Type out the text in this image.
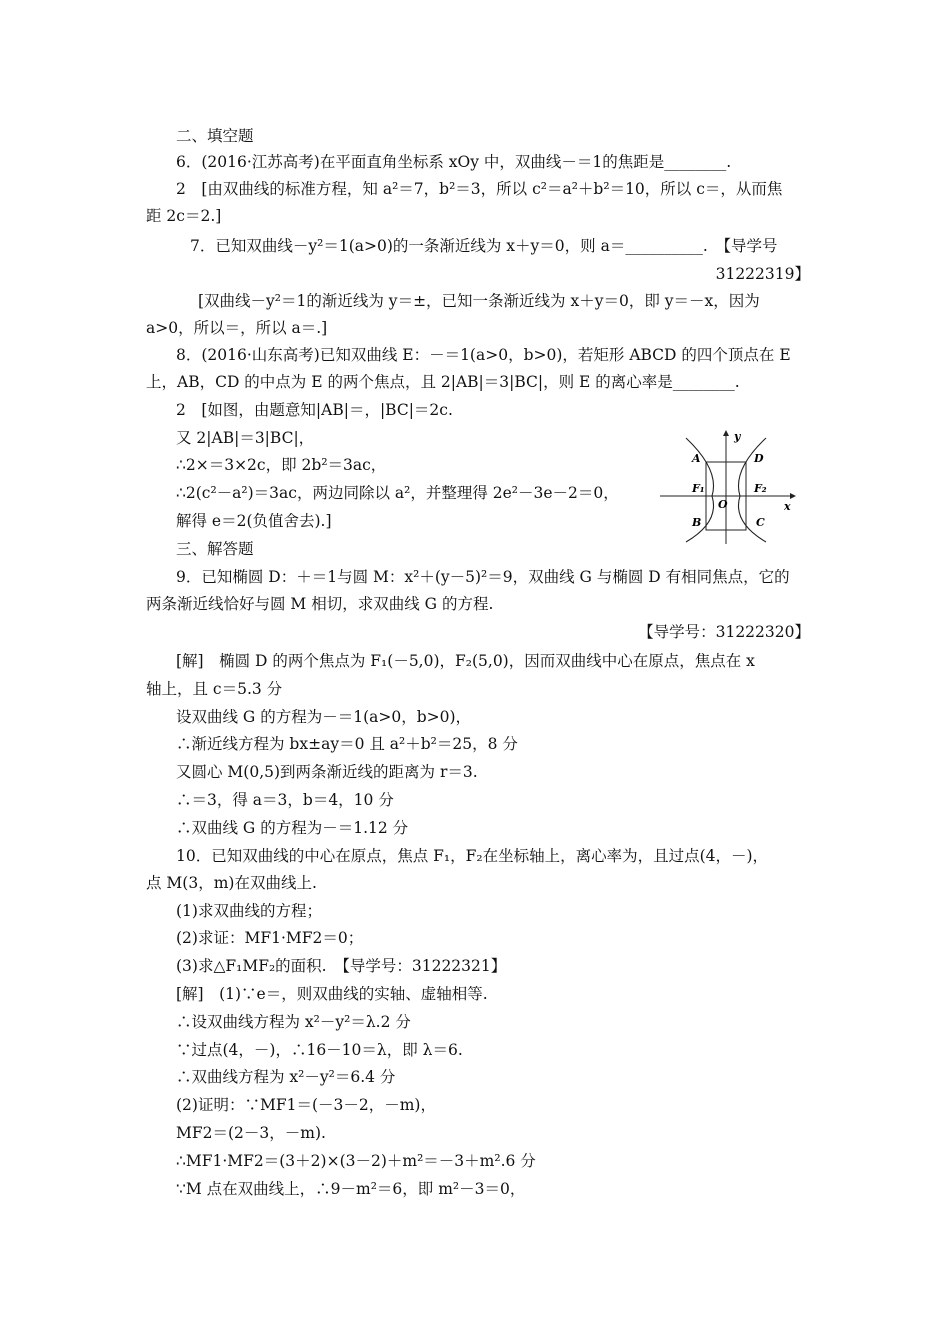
二、填空题
6．(2016·江苏高考)在平面直角坐标系 xOy 中，双曲线－＝1的焦距是________.
2　[由双曲线的标准方程，知 a²＝7，b²＝3，所以 c²＝a²＋b²＝10，所以 c＝，从而焦
距 2c＝2.]
7．已知双曲线－y²＝1(a>0)的一条渐近线为 x＋y＝0，则 a＝__________.　【导学号
31222319】
[双曲线－y²＝1的渐近线为 y＝±，已知一条渐近线为 x＋y＝0，即 y＝－x，因为
a>0，所以＝，所以 a＝.]
8．(2016·山东高考)已知双曲线 E：－＝1(a>0，b>0)，若矩形 ABCD 的四个顶点在 E
上，AB，CD 的中点为 E 的两个焦点，且 2|AB|＝3|BC|，则 E 的离心率是________.
2　[如图，由题意知|AB|＝，|BC|＝2c.
又 2|AB|＝3|BC|，
∴2×＝3×2c，即 2b²＝3ac，
∴2(c²－a²)＝3ac，两边同除以 a²，并整理得 2e²－3e－2＝0，
解得 e＝2(负值舍去).]
三、解答题
9．已知椭圆 D：＋＝1与圆 M：x²＋(y－5)²＝9，双曲线 G 与椭圆 D 有相同焦点，它的
两条渐近线恰好与圆 M 相切，求双曲线 G 的方程.
【导学号：31222320】
[解]　椭圆 D 的两个焦点为 F₁(－5,0)，F₂(5,0)，因而双曲线中心在原点，焦点在 x
轴上，且 c＝5.3 分
设双曲线 G 的方程为－＝1(a>0，b>0)，
∴渐近线方程为 bx±ay＝0 且 a²＋b²＝25，8 分
又圆心 M(0,5)到两条渐近线的距离为 r＝3.
∴＝3，得 a＝3，b＝4，10 分
∴双曲线 G 的方程为－＝1.12 分
10．已知双曲线的中心在原点，焦点 F₁，F₂在坐标轴上，离心率为，且过点(4，－)，
点 M(3，m)在双曲线上.
(1)求双曲线的方程；
(2)求证：MF1·MF2＝0；
(3)求△F₁MF₂的面积.　【导学号：31222321】
[解]　(1)∵e＝，则双曲线的实轴、虚轴相等.
∴设双曲线方程为 x²－y²＝λ.2 分
∵过点(4，－)，∴16－10＝λ，即 λ＝6.
∴双曲线方程为 x²－y²＝6.4 分
(2)证明：∵MF1＝(－3－2，－m)，
MF2＝(2－3，－m).
∴MF1·MF2＝(3＋2)×(3－2)＋m²＝－3＋m².6 分
∵M 点在双曲线上，∴9－m²＝6，即 m²－3＝0，
y
x
A	D
B	C
F₁
O
F₂
